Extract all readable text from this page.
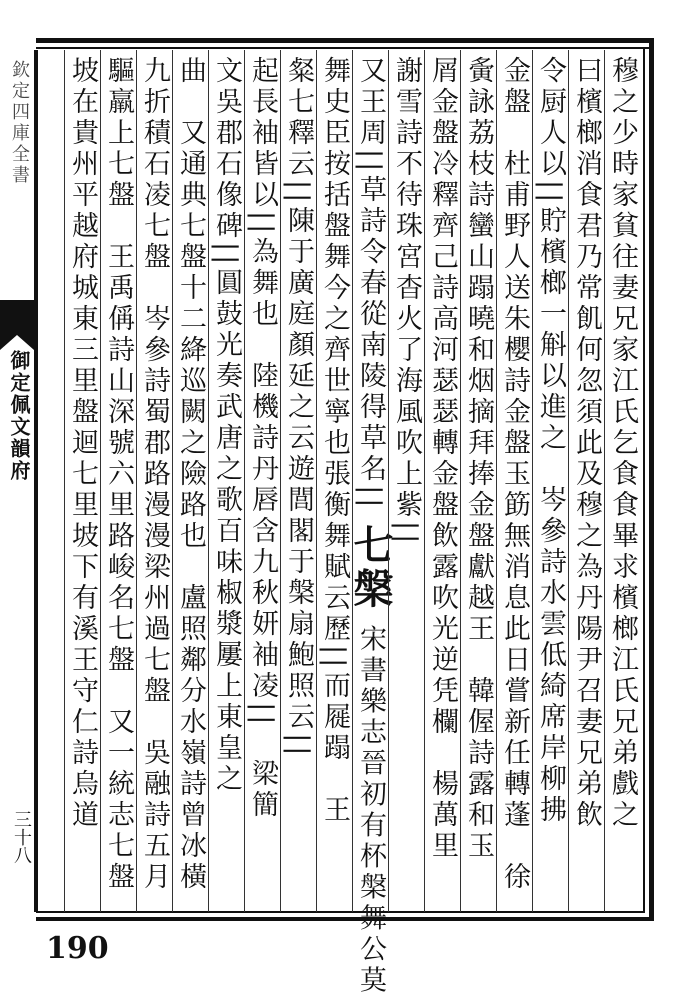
欽定四庫全書
御定佩文韻府
三十八
穆之少時家貧往妻兄家江氏乞食食畢求檳榔江氏兄弟戲之
曰檳榔消食君乃常飢何忽須此及穆之為丹陽尹召妻兄弟飲
令厨人以||貯檳榔一斛以進之　岑參詩水雲低綺席岸柳拂
金盤　杜甫野人送朱櫻詩金盤玉筯無消息此日嘗新任轉蓬　徐
夤詠荔枝詩蠻山蹋曉和烟摘拜捧金盤獻越王　韓偓詩露和玉
屑金盤冷釋齊己詩高河瑟瑟轉金盤飲露吹光逆凭欄　楊萬里
謝雪詩不待珠宮杳火了海風吹上紫||
又王周||草詩令春從南陵得草名|| 七槃 宋書樂志晉初有杯槃舞公莫
舞史臣按括盤舞今之齊世寧也張衡舞賦云歷||而屣蹋　王
粲七釋云||陳于廣庭顏延之云遊閭閣于槃扇鮑照云||
起長袖皆以||為舞也　陸機詩丹唇含九秋妍袖凌||　梁簡
文吳郡石像碑||圓鼓光奏武唐之歌百味椒漿屢上東皇之
曲　又通典七盤十二絳巡闕之險路也　盧照鄰分水嶺詩曾冰橫
九折積石凌七盤　岑參詩蜀郡路漫漫梁州過七盤　吳融詩五月
驅羸上七盤　王禹偁詩山深號六里路峻名七盤　又一統志七盤
坡在貴州平越府城東三里盤迴七里坡下有溪王守仁詩烏道
190
